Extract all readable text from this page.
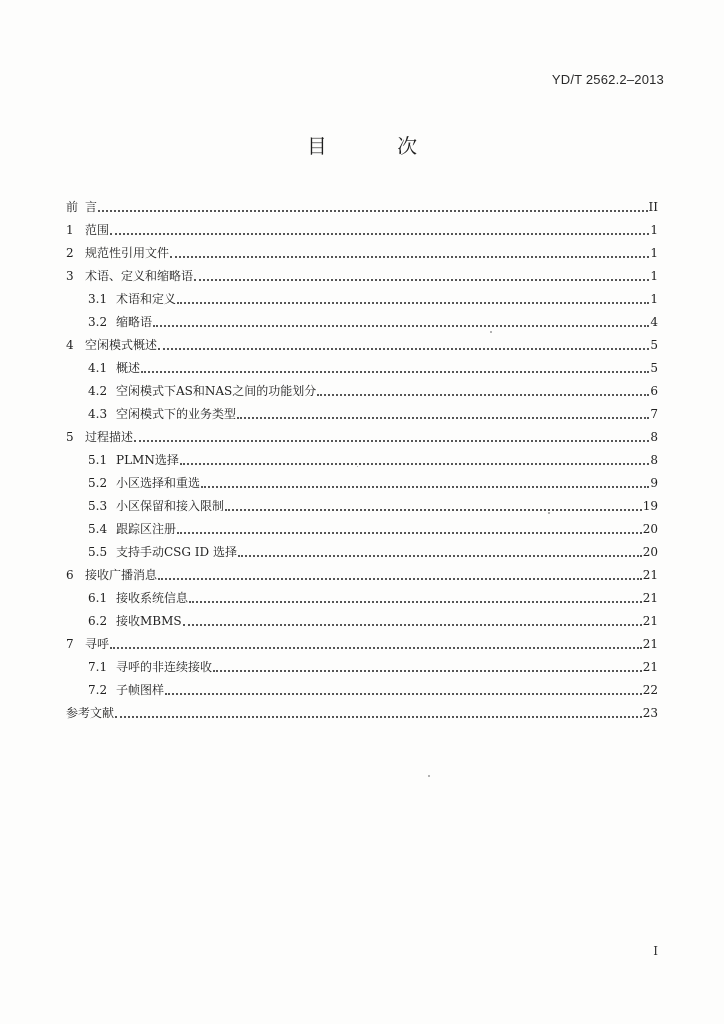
YD/T 2562.2–2013
目 次
前 言	II
1 范围	1
2 规范性引用文件	1
3 术语、定义和缩略语	1
3.1 术语和定义	1
3.2 缩略语	4
4 空闲模式概述	5
4.1 概述	5
4.2 空闲模式下AS和NAS之间的功能划分	6
4.3 空闲模式下的业务类型	7
5 过程描述	8
5.1 PLMN选择	8
5.2 小区选择和重选	9
5.3 小区保留和接入限制	19
5.4 跟踪区注册	20
5.5 支持手动CSG ID 选择	20
6 接收广播消息	21
6.1 接收系统信息	21
6.2 接收MBMS	21
7 寻呼	21
7.1 寻呼的非连续接收	21
7.2 子帧图样	22
参考文献	23
I
